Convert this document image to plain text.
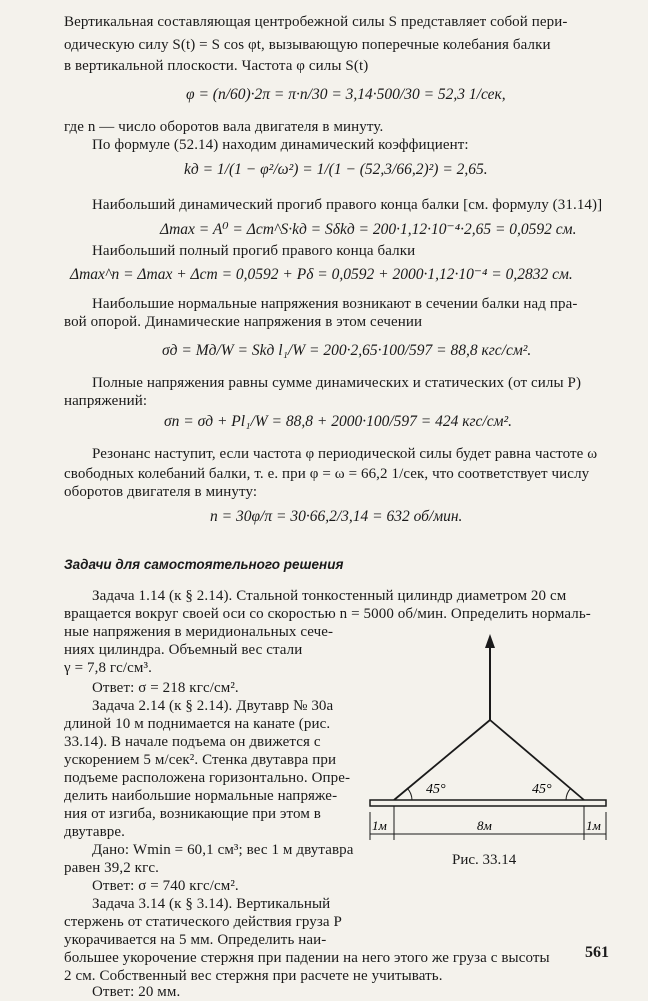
Вертикальная составляющая центробежной силы S представляет собой пери-
одическую силу S(t) = S cos φt, вызывающую поперечные колебания балки
в вертикальной плоскости. Частота φ силы S(t)
φ = (n/60)·2π = π·n/30 = 3,14·500/30 = 52,3 1/сек,
где n — число оборотов вала двигателя в минуту.
По формуле (52.14) находим динамический коэффициент:
kд = 1/(1 − φ²/ω²) = 1/(1 − (52,3/66,2)²) = 2,65.
Наибольший динамический прогиб правого конца балки [см. формулу (31.14)]
Δmax = A⁰ = Δст^S·kд = Sδkд = 200·1,12·10⁻⁴·2,65 = 0,0592 см.
Наибольший полный прогиб правого конца балки
Δmax^п = Δmax + Δст = 0,0592 + Pδ = 0,0592 + 2000·1,12·10⁻⁴ = 0,2832 см.
Наибольшие нормальные напряжения возникают в сечении балки над пра-
вой опорой. Динамические напряжения в этом сечении
σд = Mд/W = Skд l₁/W = 200·2,65·100/597 = 88,8 кгс/см².
Полные напряжения равны сумме динамических и статических (от силы P)
напряжений:
σп = σд + Pl₁/W = 88,8 + 2000·100/597 = 424 кгс/см².
Резонанс наступит, если частота φ периодической силы будет равна частоте ω
свободных колебаний балки, т. е. при φ = ω = 66,2 1/сек, что соответствует числу
оборотов двигателя в минуту:
n = 30φ/π = 30·66,2/3,14 = 632 об/мин.
Задачи для самостоятельного решения
Задача 1.14 (к § 2.14). Стальной тонкостенный цилиндр диаметром 20 см
вращается вокруг своей оси со скоростью n = 5000 об/мин. Определить нормаль-
ные напряжения в меридиональных сече-
ниях цилиндра. Объемный вес стали
γ = 7,8 гс/см³.
Ответ: σ = 218 кгс/см².
Задача 2.14 (к § 2.14). Двутавр № 30а
длиной 10 м поднимается на канате (рис.
33.14). В начале подъема он движется с
ускорением 5 м/сек². Стенка двутавра при
подъеме расположена горизонтально. Опре-
делить наибольшие нормальные напряже-
ния от изгиба, возникающие при этом в
двутавре.
Дано: Wmin = 60,1 см³; вес 1 м двутавра
равен 39,2 кгс.
Ответ: σ = 740 кгс/см².
Задача 3.14 (к § 3.14). Вертикальный
стержень от статического действия груза P
укорачивается на 5 мм. Определить наи-
большее укорочение стержня при падении на него этого же груза с высоты
2 см. Собственный вес стержня при расчете не учитывать.
Ответ: 20 мм.
45°	45°
1м	8м	1м
Рис. 33.14
561
